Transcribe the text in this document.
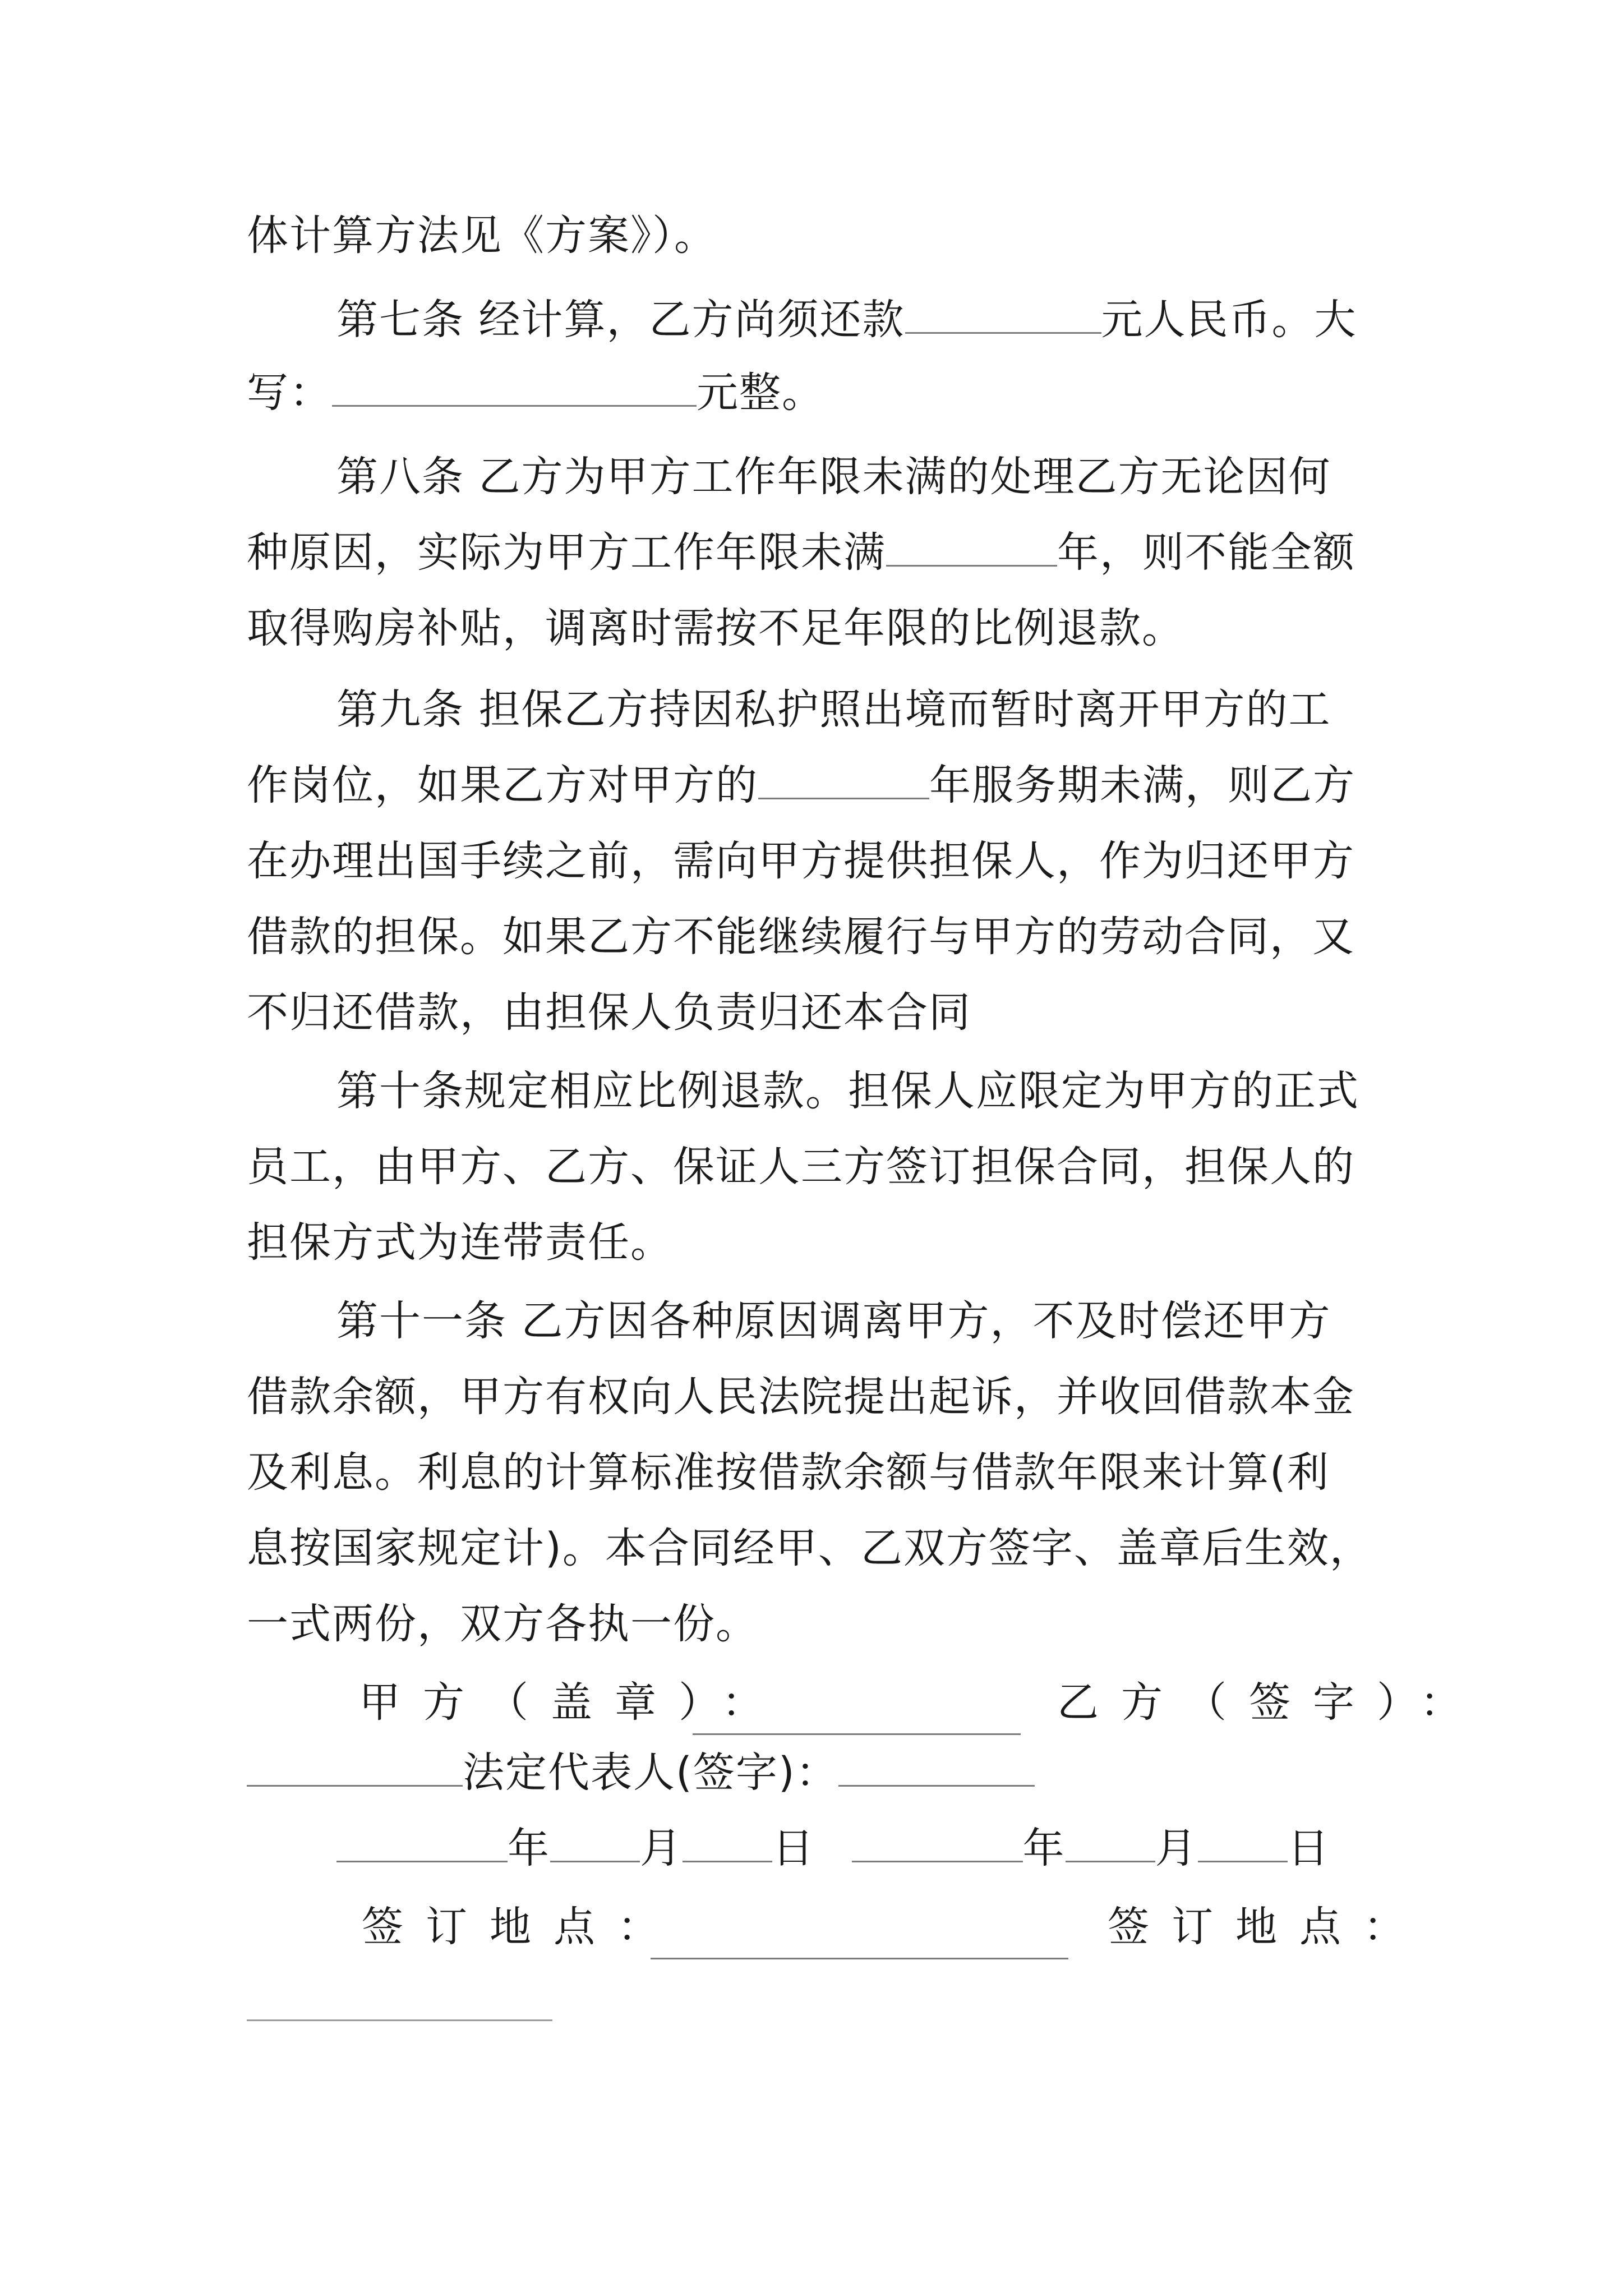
体计算方法见《方案》）。
第七条 经计算，乙方尚须还款	元人民币。大
写：	元整。
第八条 乙方为甲方工作年限未满的处理乙方无论因何
种原因，实际为甲方工作年限未满	年，则不能全额
取得购房补贴，调离时需按不足年限的比例退款。
第九条 担保乙方持因私护照出境而暂时离开甲方的工
作岗位，如果乙方对甲方的	年服务期未满，则乙方
在办理出国手续之前，需向甲方提供担保人，作为归还甲方
借款的担保。如果乙方不能继续履行与甲方的劳动合同，又
不归还借款，由担保人负责归还本合同
第十条规定相应比例退款。担保人应限定为甲方的正式
员工，由甲方、乙方、保证人三方签订担保合同，担保人的
担保方式为连带责任。
第十一条 乙方因各种原因调离甲方，不及时偿还甲方
借款余额，甲方有权向人民法院提出起诉，并收回借款本金
及利息。利息的计算标准按借款余额与借款年限来计算(利
息按国家规定计)。本合同经甲、乙双方签字、盖章后生效，
一式两份，双方各执一份。
甲方（盖章）：	乙方（签字）：
法定代表人(签字)：
年 月 日	年 月 日
签订地点：	签订地点：
